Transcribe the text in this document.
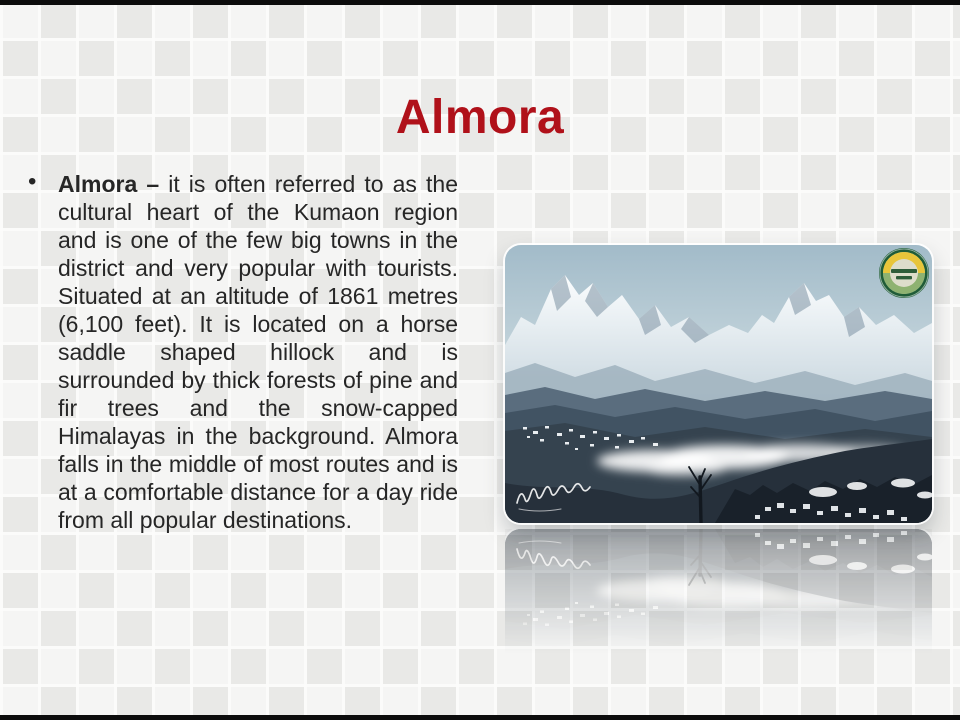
Almora
• Almora – it is often referred to as the cultural heart of the Kumaon region and is one of the few big towns in the district and very popular with tourists. Situated at an altitude of 1861 metres (6,100 feet). It is located on a horse saddle shaped hillock and is surrounded by thick forests of pine and fir trees and the snow-capped Himalayas in the background. Almora falls in the middle of most routes and is at a comfortable distance for a day ride from all popular destinations.
